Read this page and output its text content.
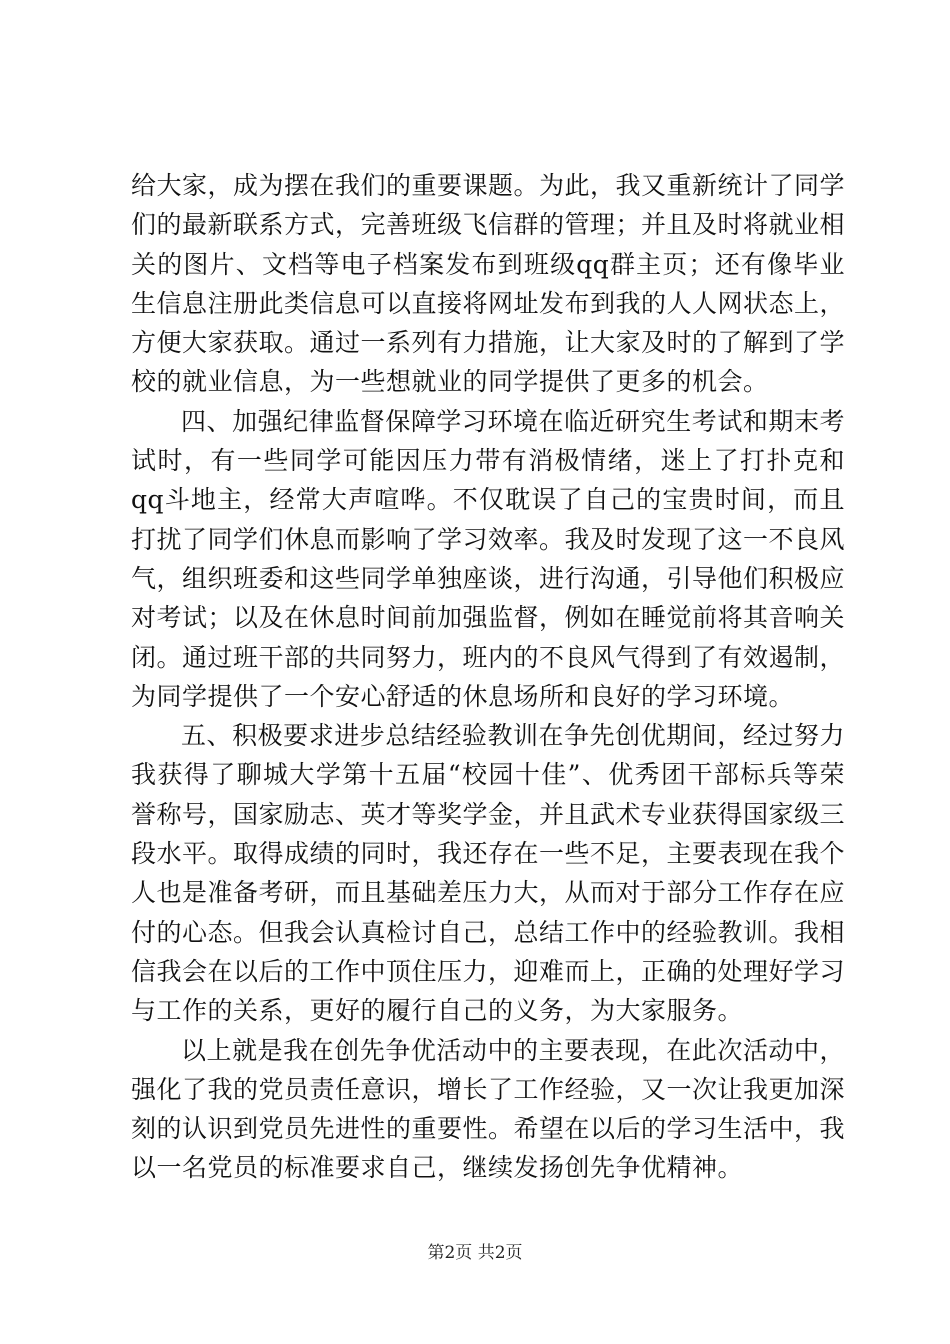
给大家，成为摆在我们的重要课题。为此，我又重新统计了同学们的最新联系方式，完善班级飞信群的管理；并且及时将就业相关的图片、文档等电子档案发布到班级qq群主页；还有像毕业生信息注册此类信息可以直接将网址发布到我的人人网状态上，方便大家获取。通过一系列有力措施，让大家及时的了解到了学校的就业信息，为一些想就业的同学提供了更多的机会。

四、加强纪律监督保障学习环境在临近研究生考试和期末考试时，有一些同学可能因压力带有消极情绪，迷上了打扑克和qq斗地主，经常大声喧哗。不仅耽误了自己的宝贵时间，而且打扰了同学们休息而影响了学习效率。我及时发现了这一不良风气，组织班委和这些同学单独座谈，进行沟通，引导他们积极应对考试；以及在休息时间前加强监督，例如在睡觉前将其音响关闭。通过班干部的共同努力，班内的不良风气得到了有效遏制，为同学提供了一个安心舒适的休息场所和良好的学习环境。

五、积极要求进步总结经验教训在争先创优期间，经过努力我获得了聊城大学第十五届“校园十佳”、优秀团干部标兵等荣誉称号，国家励志、英才等奖学金，并且武术专业获得国家级三段水平。取得成绩的同时，我还存在一些不足，主要表现在我个人也是准备考研，而且基础差压力大，从而对于部分工作存在应付的心态。但我会认真检讨自己，总结工作中的经验教训。我相信我会在以后的工作中顶住压力，迎难而上，正确的处理好学习与工作的关系，更好的履行自己的义务，为大家服务。

以上就是我在创先争优活动中的主要表现，在此次活动中，强化了我的党员责任意识，增长了工作经验，又一次让我更加深刻的认识到党员先进性的重要性。希望在以后的学习生活中，我以一名党员的标准要求自己，继续发扬创先争优精神。

第2页 共2页
